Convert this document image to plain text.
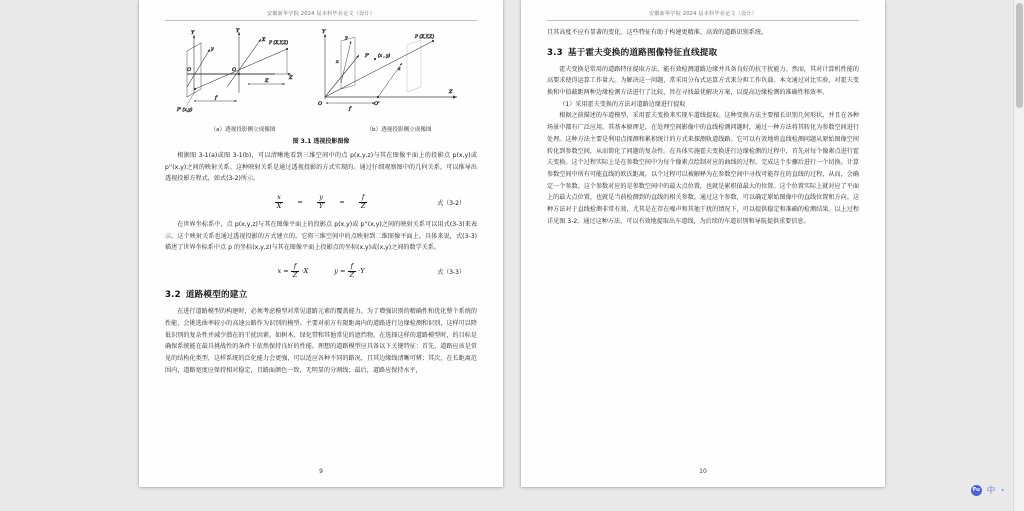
安徽新华学院 2024 届本科毕业论文（设计）
Y
y
Y
X
P (X,Y,Z)
O	O
Z	Z
f
P' (x,y)
Y
y
x
Z
P (X,Y,Z)
P' (x , y)
x
O	O'
f
（a）透视投影侧立成像图	（b）透视投影侧立成像图
图 3.1 透视投影图像

根据图 3-1(a)或图 3-1(b)，可以清晰地看到三维空间中的点 p(x,y,z)与其在图像平面上的投影点 p(x,y)或 p''(x,y)之间的映射关系。这种映射关系是通过透视投影的方式实现的。通过仔细观察图中的几何关系，可以推导出透视投影方程式，如式(3-2)所示。

$\frac{x}{X} = \frac{y}{Y} = \frac{f}{Z}$	式（3-2）

在世界坐标系中，点 p(x,y,z)与其在图像平面上的投影点 p(x,y)或 p''(x,y)之间的映射关系可以用式(3-3)来表示。这个映射关系也通过透视投影的方式建立的。它将三维空间中的点映射到二维图像平面上。具体来说，式(3-3)描述了世界坐标系中点 p 的坐标(x,y,z)与其在图像平面上投影点的坐标(x,y)或(x,y)之间的数学关系。

$x = \frac{f}{Z} \cdot X$	$y = \frac{f}{Z} \cdot Y$	式（3-3）
3.2 道路模型的建立

在进行道路模型的构建时，必须考虑模型对常见道路元素的覆盖能力。为了增强识别的精确性和优化整个系统的性能，会挑选曲率较小的高速公路作为识别的模型。主要对前方有限距离内的道路进行边缘检测和识别，这样可以降低识别的复杂性并减少潜在的干扰因素。如树木、绿化带和其他常见的遮挡物。在选择这样的道路模型时，的目标是确保系统能在最具挑战性的条件下依然保持良好的性能。理想的道路模型应具备以下关键特征：首先，道路应该是常见的结构化类型，这样系统的泛化能力会更强，可以适应各种不同的路况，且其边缘线清晰可辨；其次，在长距离范围内，道路宽度应保持相对稳定，且路面颜色一致，无明显的分割线；最后，道路应保持水平，

9
安徽新华学院 2024 届本科毕业论文（设计）

且其高度不应有显著的变化。这些特征有助于构建更精准、高效的道路识别系统。

3.3 基于霍夫变换的道路图像特征直线提取

霍夫变换是常用的道路特征提取方法，能有效检测道路边缘并具备良好的抗干扰能力。然而，其对计算机性能的高要求使得运算工作量大。为解决这一问题，常采用分布式运算方式来分担工作负载。本文通过对比实验，对霍夫变换和中值截距两种边缘检测方法进行了比较，旨在寻找最优解决方案，以提高边缘检测的准确性和效率。

（1）采用霍夫变换的方法对道路边缘进行提取

根据之前描述的车道模型，采用霍夫变换来实现车道线提取。这种变换方法主要擅长识别几何形状，并且在各种场景中都有广泛应用。其基本原理是，在处理空间影像中的直线检测问题时，通过一种方法将其转化为参数空间进行处理。这种方法主要是利用点探测和累积统计的方式来探测轨道线路。它可以有效地将直线检测问题从原始图像空间转化到参数空间，从而简化了问题的复杂性。在具体实施霍夫变换进行边缘检测的过程中，首先对每个像素点进行霍夫变换。这个过程实际上是在参数空间中为每个像素点绘制对应的曲线的过程。完成这个步骤后进行一个切换。计算参数空间中所有可能直线的欧氏距离，以个过程可以被解释为在参数空间中寻找可能存在的直线的过程，从而，会确定一个参数。这个参数对应的是参数空间中的最大点位置，也就是累积值最大的位置。这个位置实际上就对应了平面上的最大点位置，也就是当前检测到的直线的相关参数。通过这个参数，可以确定原始图像中的直线位置和方向。这种方法对于直线检测非常有效，尤其是在存在噪声和其他干扰的情况下，可以提供稳定和准确的检测结果。以上过程详见图 3-2。通过这种方法，可以有效地提取出车道线，为后续的车道识别和导航提供重要信息。

10
Fu 中 •
